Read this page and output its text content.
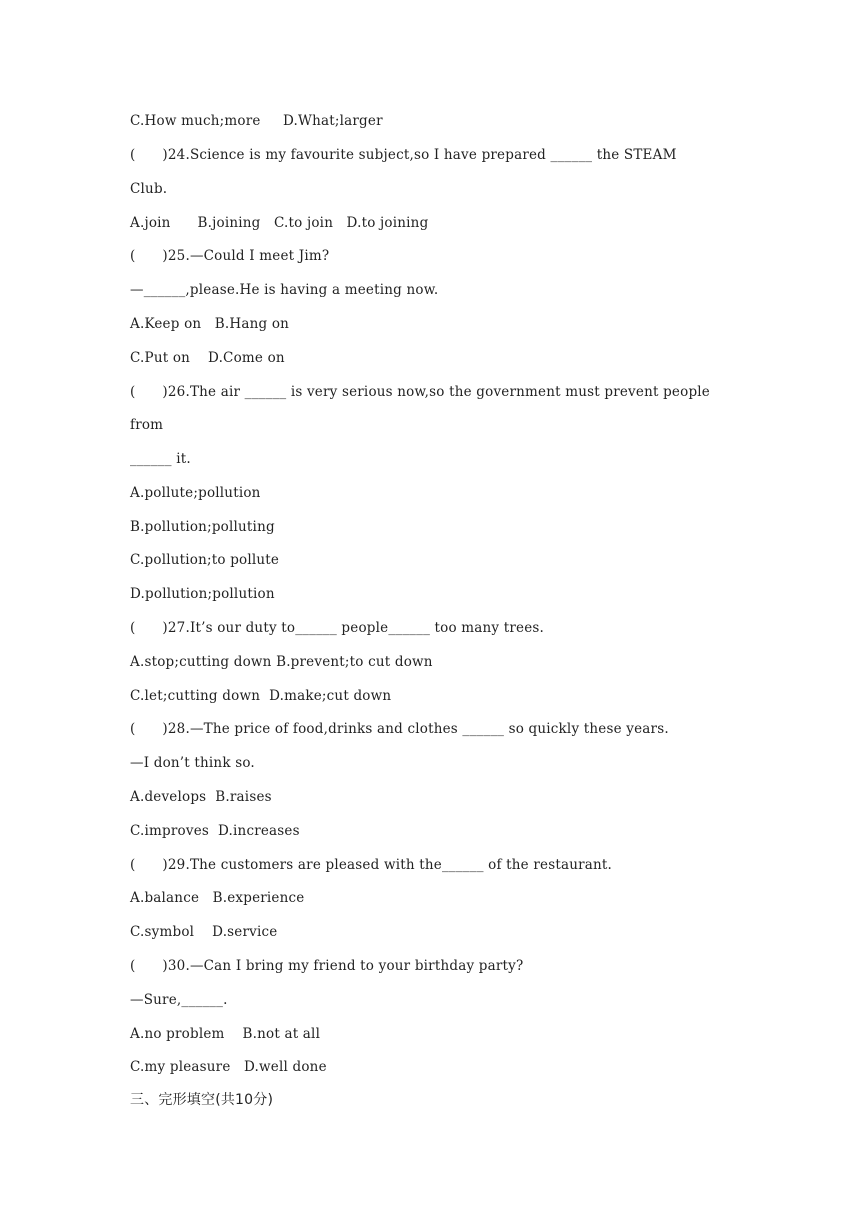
C.How much;more     D.What;larger
(      )24.Science is my favourite subject,so I have prepared ______ the STEAM
Club.
A.join      B.joining   C.to join   D.to joining
(      )25.—Could I meet Jim?
—______,please.He is having a meeting now.
A.Keep on   B.Hang on
C.Put on    D.Come on
(      )26.The air ______ is very serious now,so the government must prevent people
from
______ it.
A.pollute;pollution
B.pollution;polluting
C.pollution;to pollute
D.pollution;pollution
(      )27.It’s our duty to______ people______ too many trees.
A.stop;cutting down B.prevent;to cut down
C.let;cutting down  D.make;cut down
(      )28.—The price of food,drinks and clothes ______ so quickly these years.
—I don’t think so.
A.develops  B.raises
C.improves  D.increases
(      )29.The customers are pleased with the______ of the restaurant.
A.balance   B.experience
C.symbol    D.service
(      )30.—Can I bring my friend to your birthday party?
—Sure,______.
A.no problem    B.not at all
C.my pleasure   D.well done
三、完形填空(共10分)
